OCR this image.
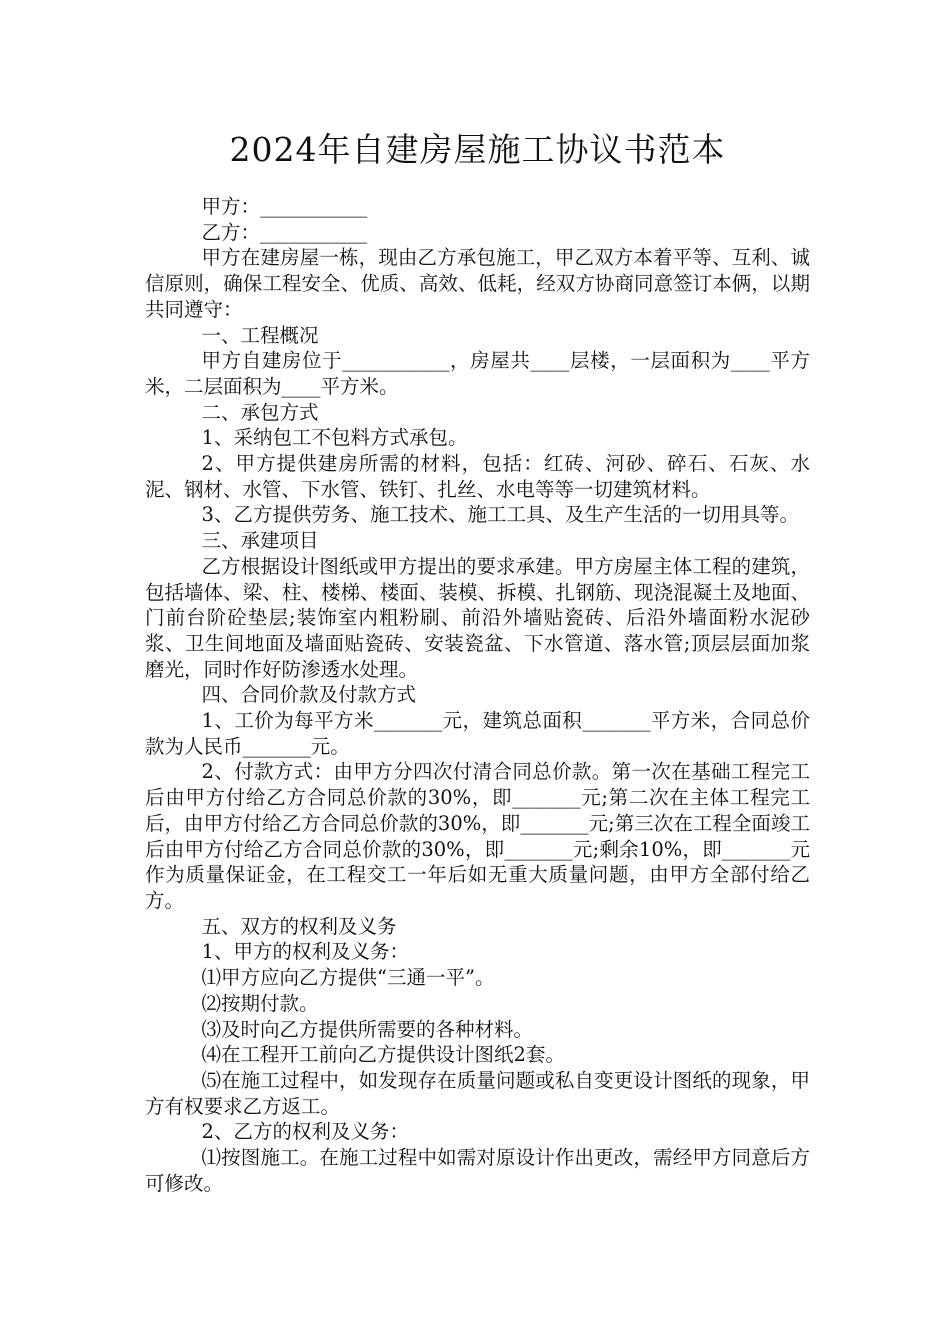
2024年自建房屋施工协议书范本

甲方：___________

乙方：___________

甲方在建房屋一栋，现由乙方承包施工，甲乙双方本着平等、互利、诚信原则，确保工程安全、优质、高效、低耗，经双方协商同意签订本俩，以期共同遵守：

一、工程概况

甲方自建房位于___________，房屋共____层楼，一层面积为____平方米，二层面积为____平方米。

二、承包方式

1、采纳包工不包料方式承包。

2、甲方提供建房所需的材料，包括：红砖、河砂、碎石、石灰、水泥、钢材、水管、下水管、铁钉、扎丝、水电等等一切建筑材料。

3、乙方提供劳务、施工技术、施工工具、及生产生活的一切用具等。

三、承建项目

乙方根据设计图纸或甲方提出的要求承建。甲方房屋主体工程的建筑，包括墙体、梁、柱、楼梯、楼面、装模、拆模、扎钢筋、现浇混凝土及地面、门前台阶砼垫层;装饰室内粗粉刷、前沿外墙贴瓷砖、后沿外墙面粉水泥砂浆、卫生间地面及墙面贴瓷砖、安装瓷盆、下水管道、落水管;顶层层面加浆磨光，同时作好防渗透水处理。

四、合同价款及付款方式

1、工价为每平方米_______元，建筑总面积_______平方米，合同总价款为人民币_______元。

2、付款方式：由甲方分四次付清合同总价款。第一次在基础工程完工后由甲方付给乙方合同总价款的30%，即_______元;第二次在主体工程完工后，由甲方付给乙方合同总价款的30%，即_______元;第三次在工程全面竣工后由甲方付给乙方合同总价款的30%，即_______元;剩余10%，即_______元作为质量保证金，在工程交工一年后如无重大质量问题，由甲方全部付给乙方。

五、双方的权利及义务

1、甲方的权利及义务：

⑴甲方应向乙方提供“三通一平”。

⑵按期付款。

⑶及时向乙方提供所需要的各种材料。

⑷在工程开工前向乙方提供设计图纸2套。

⑸在施工过程中，如发现存在质量问题或私自变更设计图纸的现象，甲方有权要求乙方返工。

2、乙方的权利及义务：

⑴按图施工。在施工过程中如需对原设计作出更改，需经甲方同意后方可修改。
